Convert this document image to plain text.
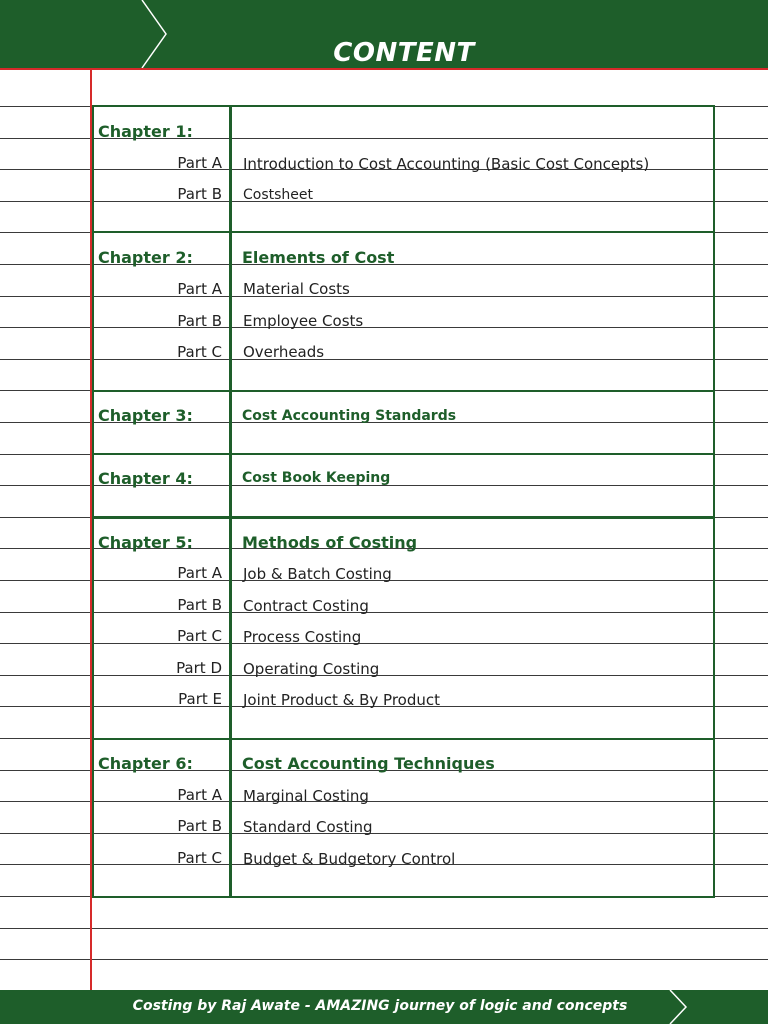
CONTENT
Chapter 1:
Part A Introduction to Cost Accounting (Basic Cost Concepts)
Part B Costsheet
Chapter 2:	Elements of Cost
Part A Material Costs
Part B Employee Costs
Part C Overheads
Chapter 3:	Cost Accounting Standards
Chapter 4:	Cost Book Keeping
Chapter 5:	Methods of Costing
Part A Job & Batch Costing
Part B Contract Costing
Part C Process Costing
Part D Operating Costing
Part E Joint Product & By Product
Chapter 6:	Cost Accounting Techniques
Part A Marginal Costing
Part B Standard Costing
Part C Budget & Budgetory Control
Costing by Raj Awate - AMAZING journey of logic and concepts
